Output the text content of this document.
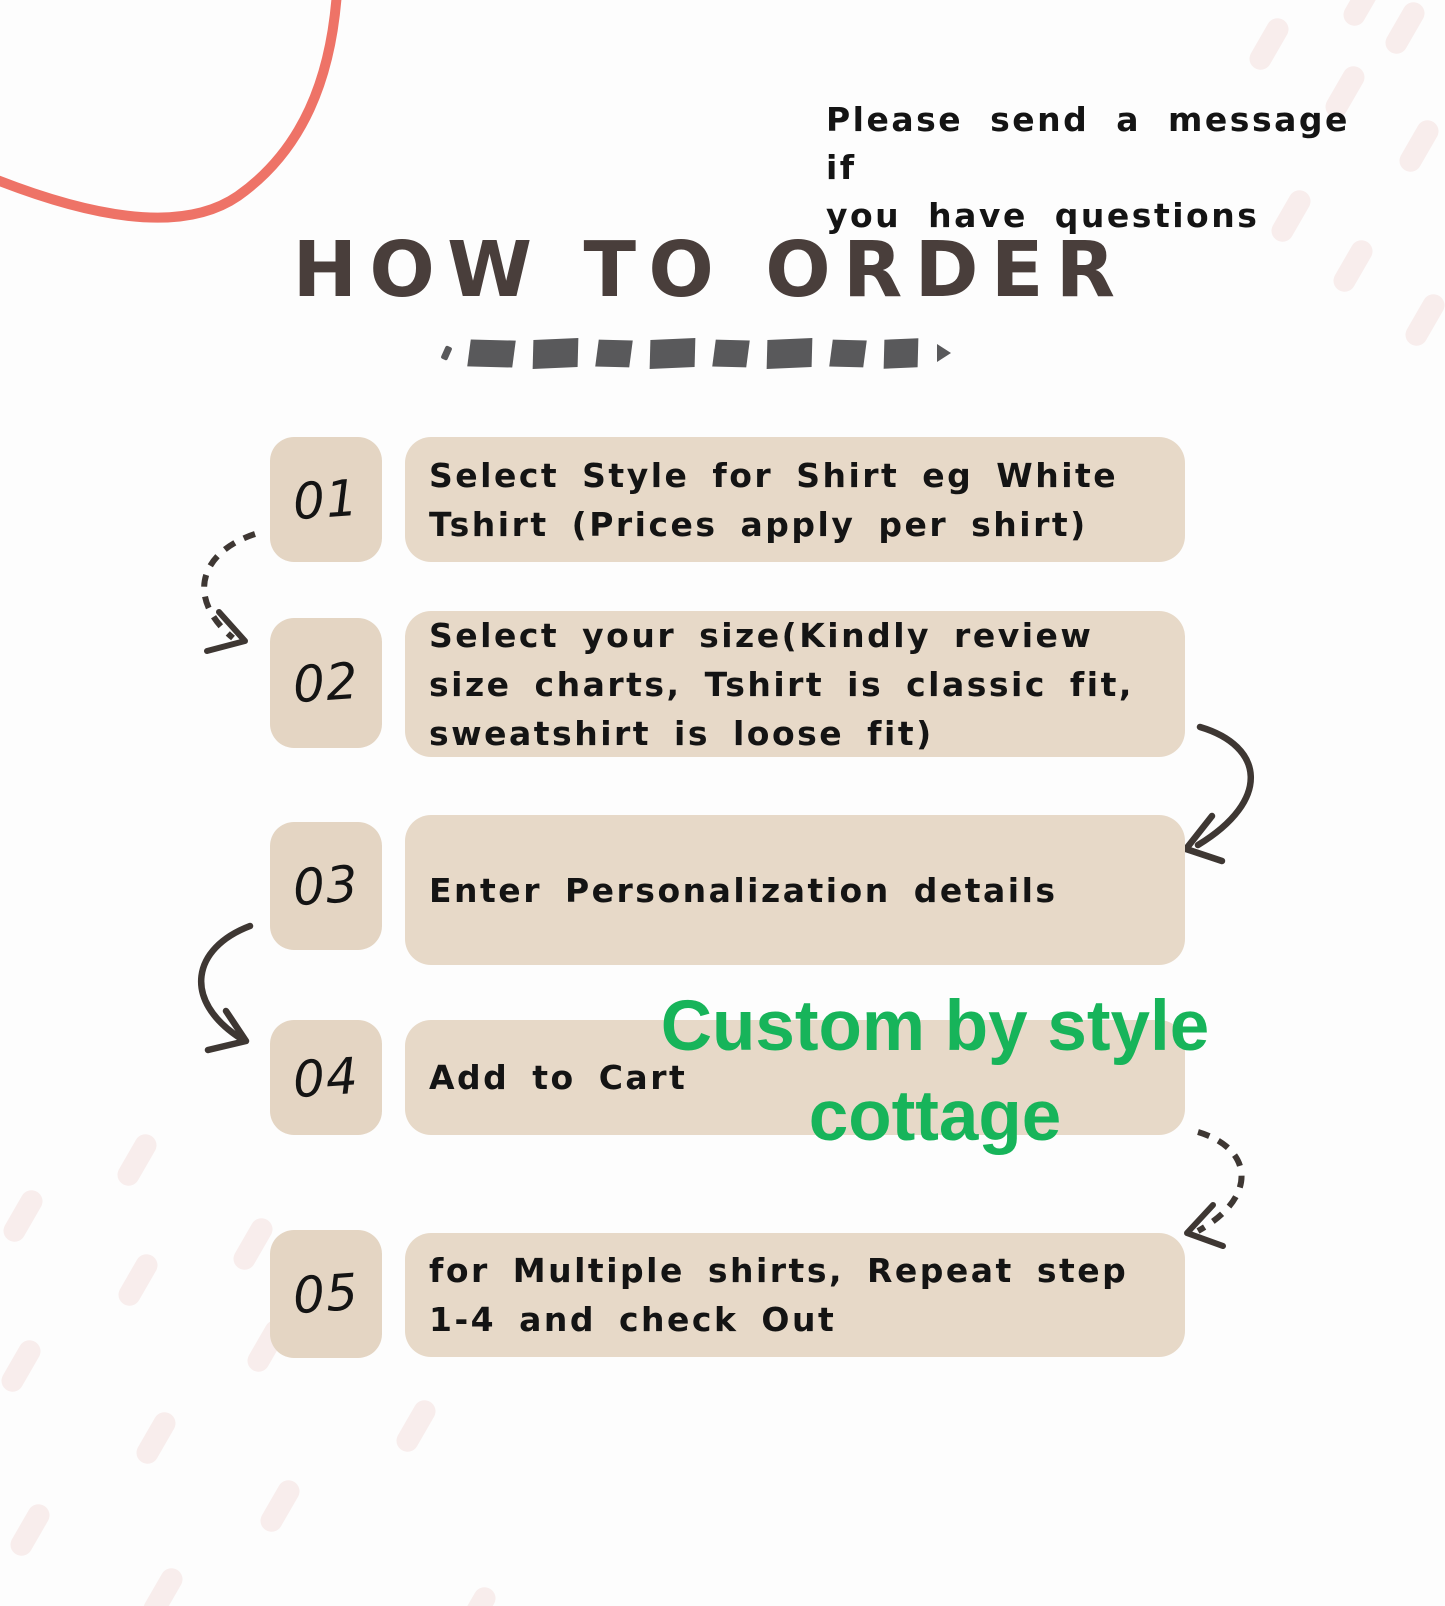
Please send a message if
you have questions
HOW TO ORDER
01 Select Style for Shirt eg White
Tshirt (Prices apply per shirt)
02
Select your size(Kindly review
size charts, Tshirt is classic fit,
sweatshirt is loose fit)
03 Enter Personalization details
04 Add to Cart
05 for Multiple shirts, Repeat step
1-4 and check Out
Custom by style
cottage
